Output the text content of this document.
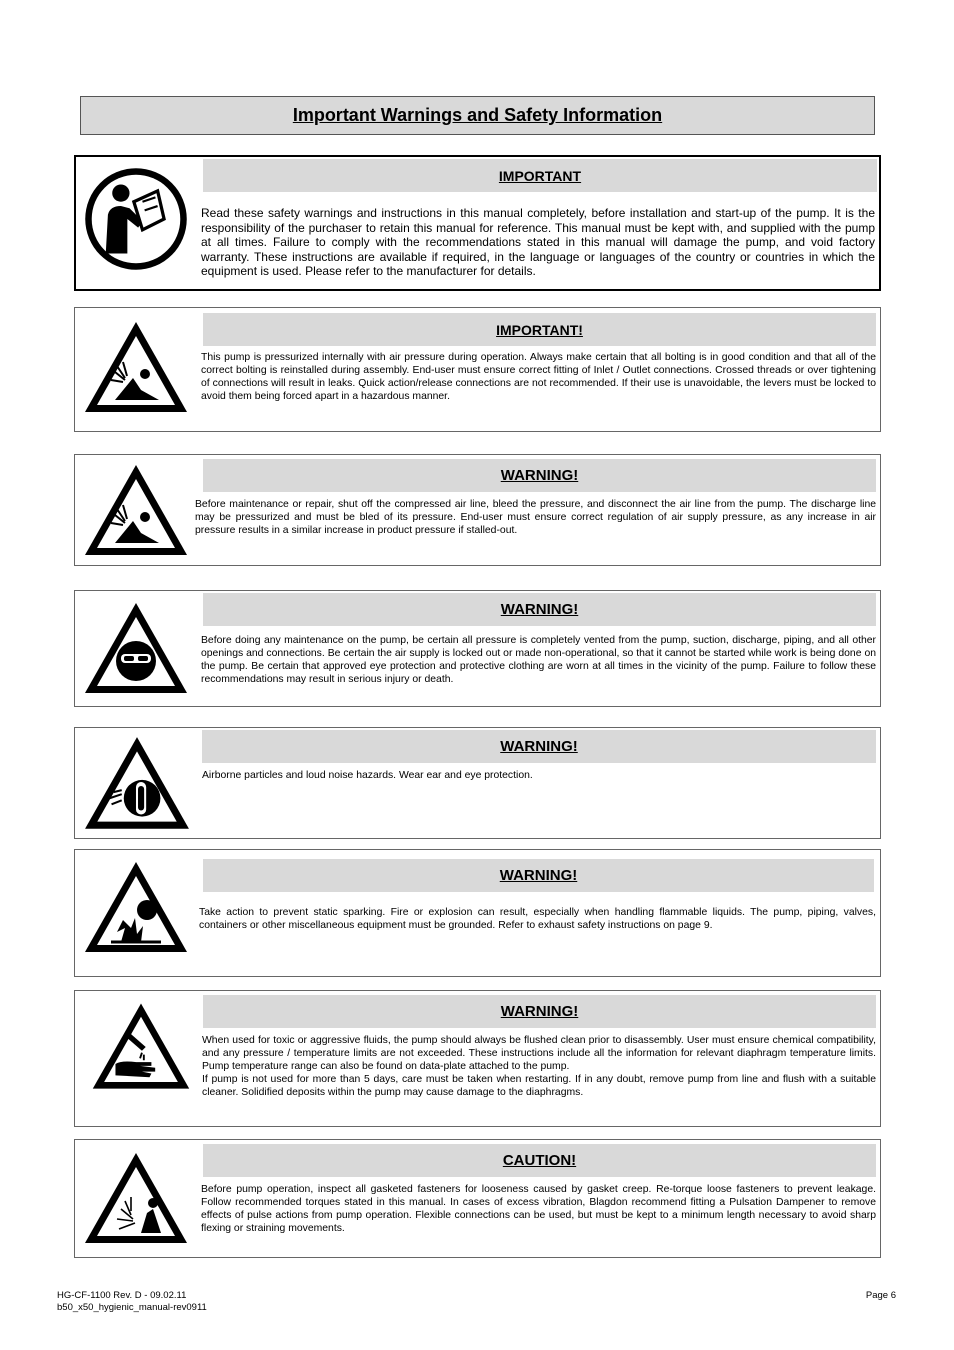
Important Warnings and Safety Information
IMPORTANT

Read these safety warnings and instructions in this manual completely, before installation and start-up of the pump. It is the responsibility of the purchaser to retain this manual for reference. This manual must be kept with, and supplied with the pump at all times. Failure to comply with the recommendations stated in this manual will damage the pump, and void factory warranty. These instructions are available if required, in the language or languages of the country or countries in which the equipment is used. Please refer to the manufacturer for details.

IMPORTANT!

This pump is pressurized internally with air pressure during operation. Always make certain that all bolting is in good condition and that all of the correct bolting is reinstalled during assembly. End-user must ensure correct fitting of Inlet / Outlet connections. Crossed threads or over tightening of connections will result in leaks. Quick action/release connections are not recommended. If their use is unavoidable, the levers must be locked to avoid them being forced apart in a hazardous manner.

WARNING!

Before maintenance or repair, shut off the compressed air line, bleed the pressure, and disconnect the air line from the pump. The discharge line may be pressurized and must be bled of its pressure. End-user must ensure correct regulation of air supply pressure, as any increase in air pressure results in a similar increase in product pressure if stalled-out.

WARNING!

Before doing any maintenance on the pump, be certain all pressure is completely vented from the pump, suction, discharge, piping, and all other openings and connections. Be certain the air supply is locked out or made non-operational, so that it cannot be started while work is being done on the pump. Be certain that approved eye protection and protective clothing are worn at all times in the vicinity of the pump. Failure to follow these recommendations may result in serious injury or death.

WARNING!

Airborne particles and loud noise hazards. Wear ear and eye protection.

WARNING!

Take action to prevent static sparking. Fire or explosion can result, especially when handling flammable liquids. The pump, piping, valves, containers or other miscellaneous equipment must be grounded. Refer to exhaust safety instructions on page 9.

WARNING!

When used for toxic or aggressive fluids, the pump should always be flushed clean prior to disassembly. User must ensure chemical compatibility, and any pressure / temperature limits are not exceeded. These instructions include all the information for relevant diaphragm temperature limits. Pump temperature range can also be found on data-plate attached to the pump.

If pump is not used for more than 5 days, care must be taken when restarting. If in any doubt, remove pump from line and flush with a suitable cleaner. Solidified deposits within the pump may cause damage to the diaphragms.

CAUTION!

Before pump operation, inspect all gasketed fasteners for looseness caused by gasket creep. Re-torque loose fasteners to prevent leakage. Follow recommended torques stated in this manual. In cases of excess vibration, Blagdon recommend fitting a Pulsation Dampener to remove effects of pulse actions from pump operation. Flexible connections can be used, but must be kept to a minimum length necessary to avoid sharp flexing or straining movements.

HG-CF-1100 Rev. D - 09.02.11
b50_x50_hygienic_manual-rev0911
Page 6
